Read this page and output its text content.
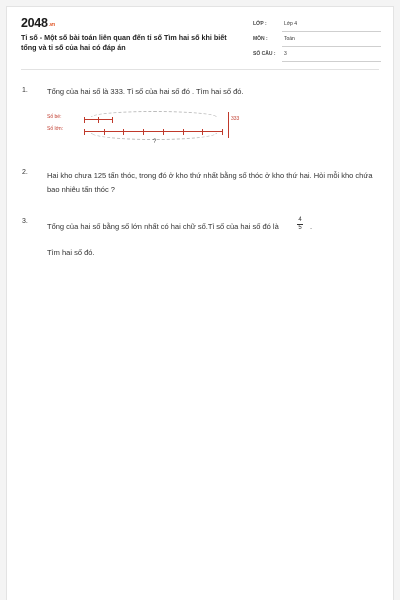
2048.vn
Tỉ số - Một số bài toán liên quan đến tỉ số Tìm hai số khi biết tổng và tỉ số của hai có đáp án
LỚP :	Lớp 4
MÔN :	Toán
SỐ CÂU : 3
1.	Tổng của hai số là 333. Tỉ số của hai số đó . Tìm hai số đó.
Số bé:
Số lớn:
?
333
2.	Hai kho chưa 125 tấn thóc, trong đó ở kho thứ nhất bằng số thóc ở kho thứ hai. Hỏi mỗi kho chứa bao nhiêu tấn thóc ?
3.
Tổng của hai số bằng số lớn nhất có hai chữ số.Tỉ số của hai số đó là
4
5	.
Tìm hai số đó.
